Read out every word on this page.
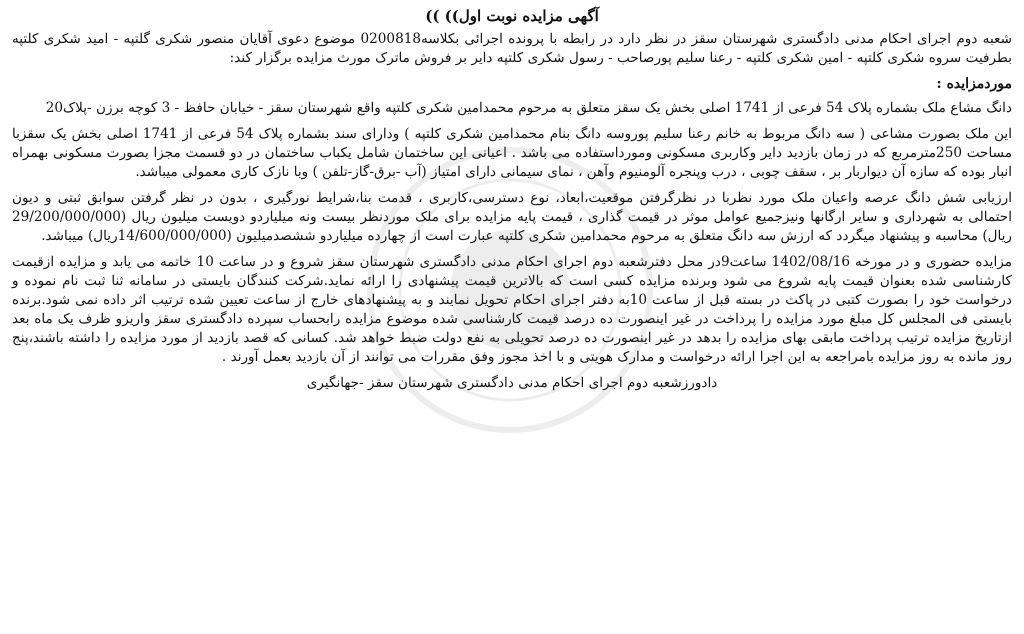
آگهی مزایده نوبت اول)) ))

شعبه دوم اجرای احکام مدنی دادگستری شهرستان سقز در نظر دارد در رابطه با پرونده اجرائی بکلاسه0200818 موضوع دعوی آقایان منصور شکری گلتپه - امید شکری کلتپه بطرفیت سروه شکری کلتپه - امین شکری کلتپه - رعنا سلیم پورصاحب - رسول شکری کلتپه دایر بر فروش ماترک مورث مزایده برگزار کند:

موردمزایده :

دانگ مشاع ملک بشماره پلاک 54 فرعی از 1741 اصلی بخش یک سقز متعلق به مرحوم محمدامین شکری کلتپه واقع شهرستان سقز - خیابان حافظ - 3 کوچه برزن -پلاک20

این ملک بصورت مشاعی ( سه دانگ مربوط به خانم رعنا سلیم پوروسه دانگ بنام محمدامین شکری کلتپه ) ودارای سند بشماره پلاک 54 فرعی از 1741 اصلی بخش یک سقزبا مساحت 250مترمربع که در زمان بازدید دایر وکاربری مسکونی ومورداستفاده می باشد . اعیانی این ساختمان شامل یکباب ساختمان در دو قسمت مجزا بصورت مسکونی بهمراه انبار بوده که سازه آن دیواربار بر ، سقف چوبی ، درب وپنجره آلومنیوم وآهن ، نمای سیمانی دارای امتیاز (آب -برق-گاز-تلفن ) وبا نازک کاری معمولی میباشد.

ارزیابی شش دانگ عرصه واعیان ملک مورد نظربا در نظرگرفتن موقعیت،ابعاد، نوع دسترسی،کاربری ، قدمت بنا،شرایط نورگیری ، بدون در نظر گرفتن سوابق ثبتی و دیون احتمالی به شهرداری و سایر ارگانها ونیزجمیع عوامل موثر در قیمت گذاری ، قیمت پایه مزایده برای ملک موردنظر بیست ونه میلیاردو دویست میلیون ریال (29/200/000/000 ریال) محاسبه و پیشنهاد میگردد که ارزش سه دانگ متعلق به مرحوم محمدامین شکری کلتپه عبارت است از چهارده میلیاردو ششصدمیلیون (14/600/000/000ریال) میباشد.

مزایده حضوری و در مورخه 1402/08/16 ساعت9در محل دفترشعبه دوم اجرای احکام مدنی دادگستری شهرستان سقز شروع و در ساعت 10 خاتمه می یابد و مزایده ازقیمت کارشناسی شده بعنوان قیمت پایه شروع می شود وبرنده مزایده کسی است که بالاترین قیمت پیشنهادی را ارائه نماید.شرکت کنندگان بایستی در سامانه ثنا ثبت نام نموده و درخواست خود را بصورت کتبی در پاکت در بسته قبل از ساعت 10به دفتر اجرای احکام تحویل نمایند و به پیشنهادهای خارج از ساعت تعیین شده ترتیب اثر داده نمی شود.برنده بایستی فی المجلس کل مبلغ مورد مزایده را پرداخت در غیر اینصورت ده درصد قیمت کارشناسی شده موضوع مزایده رابحساب سپرده دادگستری سقز واریزو ظرف یک ماه بعد ازتاریخ مزایده ترتیب پرداخت مابقی بهای مزایده را بدهد در غیر اینصورت ده درصد تحویلی به نفع دولت ضبط خواهد شد. کسانی که قصد بازدید از مورد مزایده را داشته باشند،پنج روز مانده به روز مزایده بامراجعه به این اجرا ارائه درخواست و مدارک هویتی و با اخذ مجوز وفق مقررات می توانند از آن بازدید بعمل آورند .

دادورزشعبه دوم اجرای احکام مدنی دادگستری شهرستان سقز -جهانگیری
